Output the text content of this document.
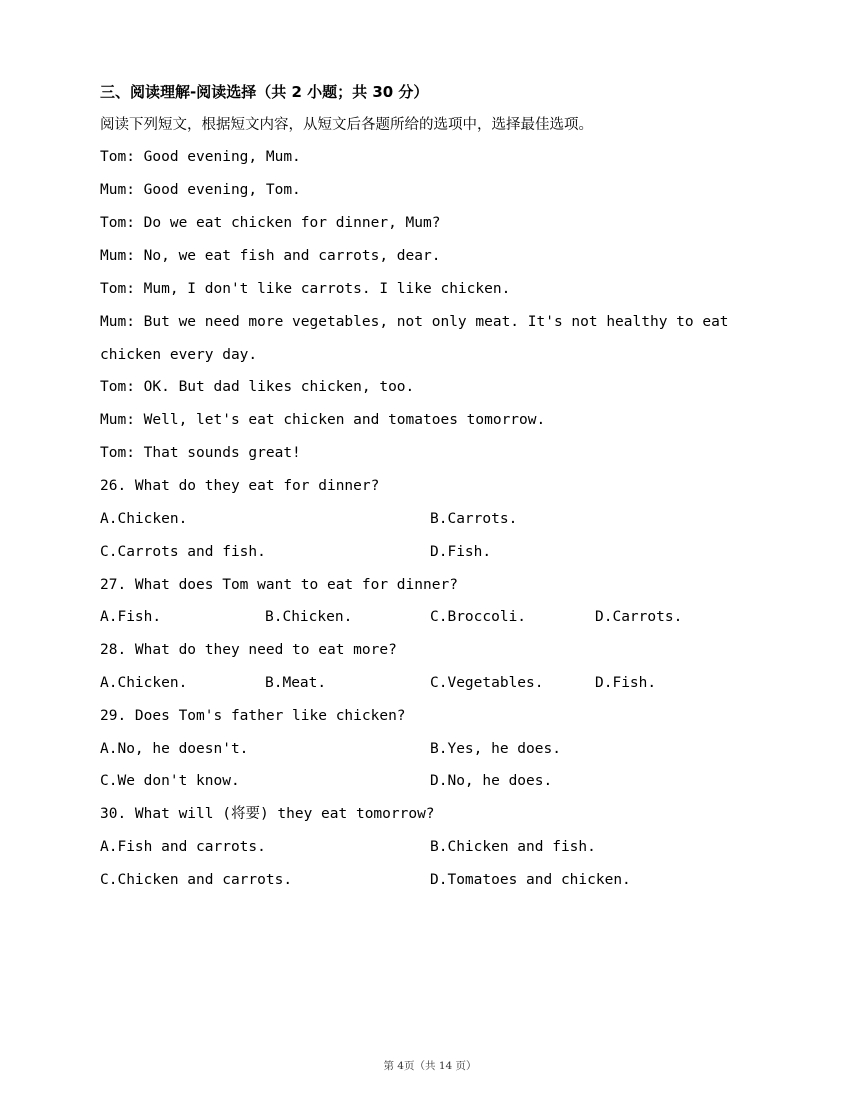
三、阅读理解-阅读选择（共 2 小题；共 30 分）
阅读下列短文，根据短文内容，从短文后各题所给的选项中，选择最佳选项。
Tom: Good evening, Mum.
Mum: Good evening, Tom.
Tom: Do we eat chicken for dinner, Mum?
Mum: No, we eat fish and carrots, dear.
Tom: Mum, I don't like carrots. I like chicken.
Mum: But we need more vegetables, not only meat. It's not healthy to eat
chicken every day.
Tom: OK. But dad likes chicken, too.
Mum: Well, let's eat chicken and tomatoes tomorrow.
Tom: That sounds great!
26. What do they eat for dinner?
A.Chicken.	B.Carrots.
C.Carrots and fish.	D.Fish.
27. What does Tom want to eat for dinner?
A.Fish.	B.Chicken.	C.Broccoli.	D.Carrots.
28. What do they need to eat more?
A.Chicken.	B.Meat.	C.Vegetables.	D.Fish.
29. Does Tom's father like chicken?
A.No, he doesn't.	B.Yes, he does.
C.We don't know.	D.No, he does.
30. What will (将要) they eat tomorrow?
A.Fish and carrots.	B.Chicken and fish.
C.Chicken and carrots.	D.Tomatoes and chicken.
第 4页（共 14 页）
